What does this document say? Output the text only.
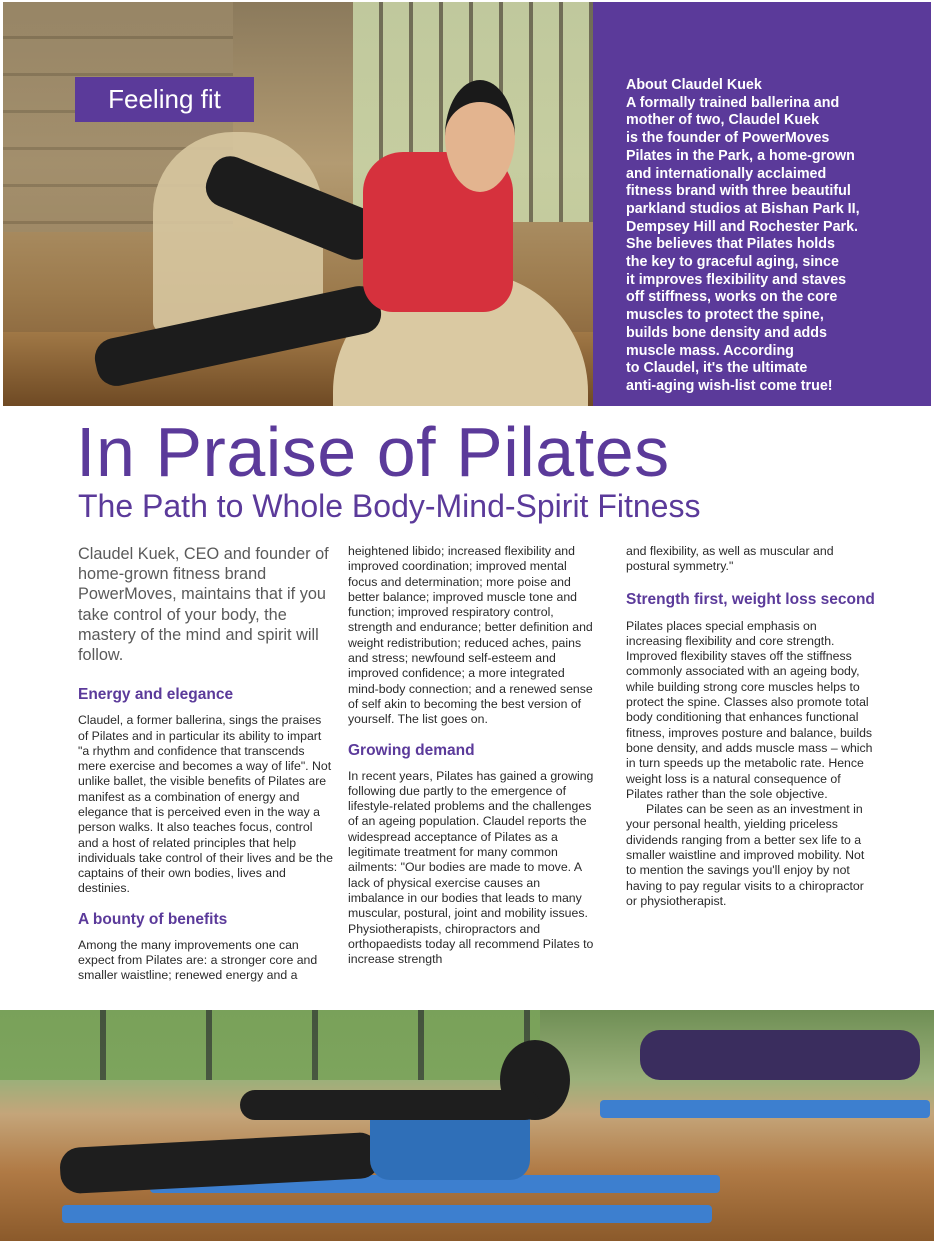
Feeling fit	About Claudel Kuek
A formally trained ballerina and
mother of two, Claudel Kuek
is the founder of PowerMoves
Pilates in the Park, a home-grown
and internationally acclaimed
fitness brand with three beautiful
parkland studios at Bishan Park II,
Dempsey Hill and Rochester Park.
She believes that Pilates holds
the key to graceful aging, since
it improves flexibility and staves
off stiffness, works on the core
muscles to protect the spine,
builds bone density and adds
muscle mass. According
to Claudel, it's the ultimate
anti-aging wish-list come true!
In Praise of Pilates
The Path to Whole Body-Mind-Spirit Fitness

Claudel Kuek, CEO and founder of home-grown fitness brand PowerMoves, maintains that if you take control of your body, the mastery of the mind and spirit will follow.

Energy and elegance

Claudel, a former ballerina, sings the praises of Pilates and in particular its ability to impart "a rhythm and confidence that transcends mere exercise and becomes a way of life". Not unlike ballet, the visible benefits of Pilates are manifest as a combination of energy and elegance that is perceived even in the way a person walks. It also teaches focus, control and a host of related principles that help individuals take control of their lives and be the captains of their own bodies, lives and destinies.

A bounty of benefits

Among the many improvements one can expect from Pilates are: a stronger core and smaller waistline; renewed energy and a

heightened libido; increased flexibility and improved coordination; improved mental focus and determination; more poise and better balance; improved muscle tone and function; improved respiratory control, strength and endurance; better definition and weight redistribution; reduced aches, pains and stress; newfound self-esteem and improved confidence; a more integrated mind-body connection; and a renewed sense of self akin to becoming the best version of yourself. The list goes on.

Growing demand

In recent years, Pilates has gained a growing following due partly to the emergence of lifestyle-related problems and the challenges of an ageing population. Claudel reports the widespread acceptance of Pilates as a legitimate treatment for many common ailments: "Our bodies are made to move. A lack of physical exercise causes an imbalance in our bodies that leads to many muscular, postural, joint and mobility issues. Physiotherapists, chiropractors and orthopaedists today all recommend Pilates to increase strength

and flexibility, as well as muscular and postural symmetry."

Strength first, weight loss second

Pilates places special emphasis on increasing flexibility and core strength. Improved flexibility staves off the stiffness commonly associated with an ageing body, while building strong core muscles helps to protect the spine. Classes also promote total body conditioning that enhances functional fitness, improves posture and balance, builds bone density, and adds muscle mass – which in turn speeds up the metabolic rate. Hence weight loss is a natural consequence of Pilates rather than the sole objective.

Pilates can be seen as an investment in your personal health, yielding priceless dividends ranging from a better sex life to a smaller waistline and improved mobility. Not to mention the savings you'll enjoy by not having to pay regular visits to a chiropractor or physiotherapist.
